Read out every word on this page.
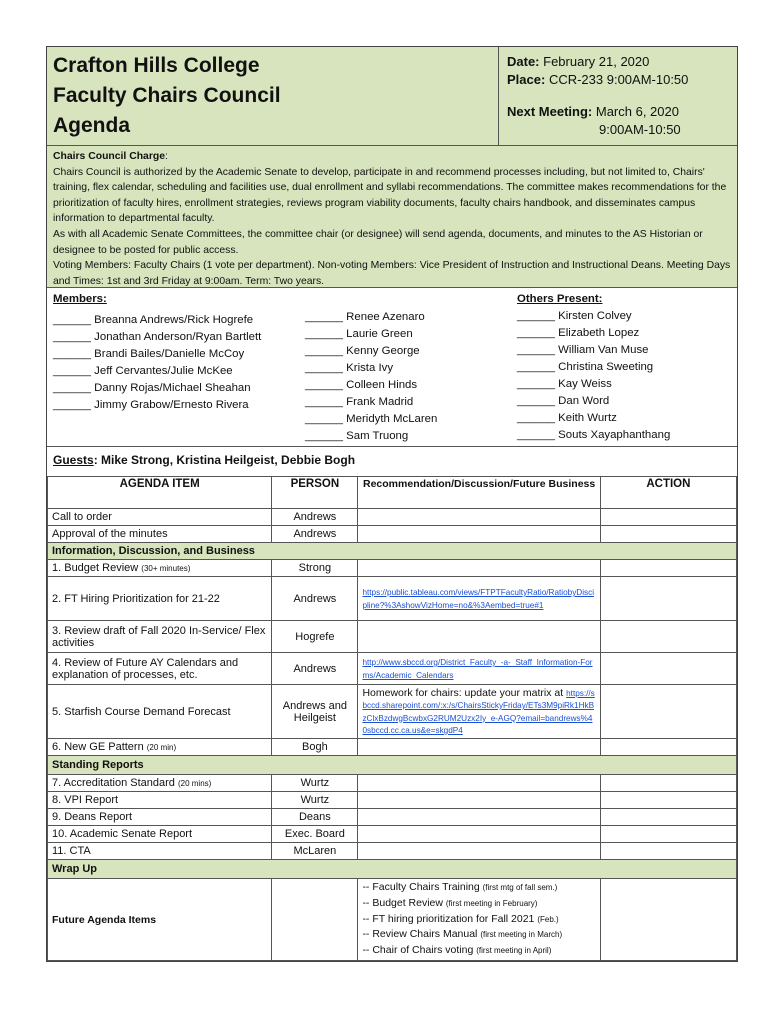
Crafton Hills College
Faculty Chairs Council
Agenda
Date: February 21, 2020
Place: CCR-233 9:00AM-10:50
Next Meeting: March 6, 2020
9:00AM-10:50
Chairs Council Charge:
Chairs Council is authorized by the Academic Senate to develop, participate in and recommend processes including, but not limited to, Chairs' training, flex calendar, scheduling and facilities use, dual enrollment and syllabi recommendations. The committee makes recommendations for the prioritization of faculty hires, enrollment strategies, reviews program viability documents, faculty chairs handbook, and disseminates campus information to departmental faculty.
As with all Academic Senate Committees, the committee chair (or designee) will send agenda, documents, and minutes to the AS Historian or designee to be posted for public access.
Voting Members: Faculty Chairs (1 vote per department). Non-voting Members: Vice President of Instruction and Instructional Deans. Meeting Days and Times: 1st and 3rd Friday at 9:00am. Term: Two years.
Members:
______ Breanna Andrews/Rick Hogrefe
______ Jonathan Anderson/Ryan Bartlett
______ Brandi Bailes/Danielle McCoy
______ Jeff Cervantes/Julie McKee
______ Danny Rojas/Michael Sheahan
______ Jimmy Grabow/Ernesto Rivera
______ Renee Azenaro
______ Laurie Green
______ Kenny George
______ Krista Ivy
______ Colleen Hinds
______ Frank Madrid
______ Meridyth McLaren
______ Sam Truong
Others Present:
______ Kirsten Colvey
______ Elizabeth Lopez
______ William Van Muse
______ Christina Sweeting
______ Kay Weiss
______ Dan Word
______ Keith Wurtz
______ Souts Xayaphanthang
Guests: Mike Strong, Kristina Heilgeist, Debbie Bogh
AGENDA ITEM	PERSON	Recommendation/Discussion/Future Business	ACTION
Call to order	Andrews		
Approval of the minutes	Andrews		
Information, Discussion, and Business			
1. Budget Review (30+ minutes)	Strong		
2. FT Hiring Prioritization for 21-22	Andrews	https://public.tableau.com/views/FTPTFacultyRatio/RatiobyDiscipline?%3AshowVizHome=no&%3Aembed=true#1	
3. Review draft of Fall 2020 In-Service/ Flex activities	Hogrefe		
4. Review of Future AY Calendars and explanation of processes, etc.	Andrews	http://www.sbccd.org/District_Faculty_-a-_Staff_Information-Forms/Academic_Calendars	
5. Starfish Course Demand Forecast	Andrews and Heilgeist	Homework for chairs: update your matrix at https://sbccd.sharepoint.com/:x:/s/ChairsStickyFriday/ETs3M9piRk1HkBzClxBzdwgBcwbxG2RUM2Uzx2Iy_e-AGQ?email=bandrews%40sbccd.cc.ca.us&e=skgdP4	
6. New GE Pattern (20 min)	Bogh		
Standing Reports			
7. Accreditation Standard (20 mins)	Wurtz		
8. VPI Report	Wurtz		
9. Deans Report	Deans		
10. Academic Senate Report	Exec. Board		
11. CTA	McLaren		
Wrap Up			
Future Agenda Items		-- Faculty Chairs Training (first mtg of fall sem.)
-- Budget Review (first meeting in February)
-- FT hiring prioritization for Fall 2021 (Feb.)
-- Review Chairs Manual (first meeting in March)
-- Chair of Chairs voting (first meeting in April)	
